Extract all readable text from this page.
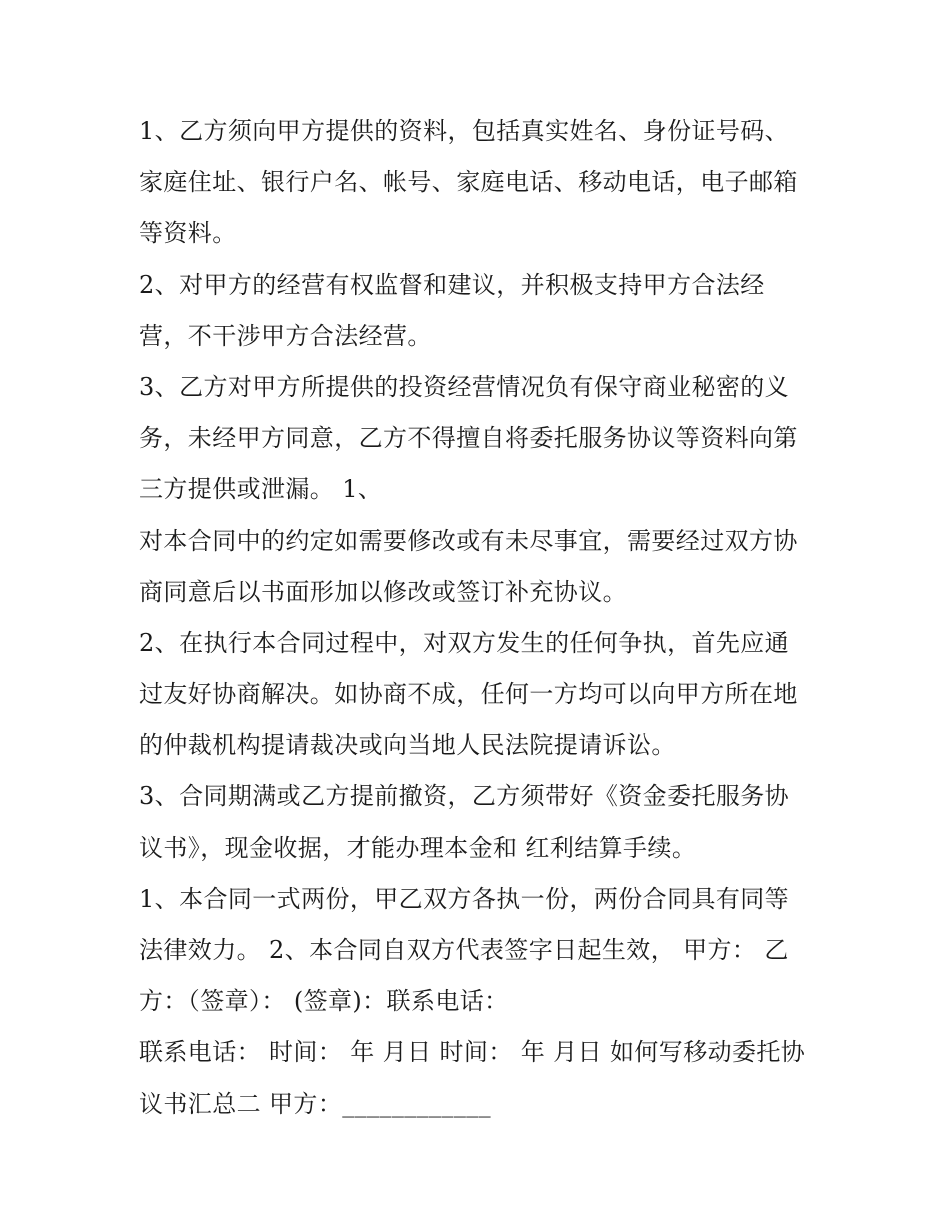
1、乙方须向甲方提供的资料，包括真实姓名、身份证号码、
家庭住址、银行户名、帐号、家庭电话、移动电话，电子邮箱
等资料。
2、对甲方的经营有权监督和建议，并积极支持甲方合法经
营，不干涉甲方合法经营。
3、乙方对甲方所提供的投资经营情况负有保守商业秘密的义
务，未经甲方同意，乙方不得擅自将委托服务协议等资料向第
三方提供或泄漏。 1、
对本合同中的约定如需要修改或有未尽事宜，需要经过双方协
商同意后以书面形加以修改或签订补充协议。
2、在执行本合同过程中，对双方发生的任何争执，首先应通
过友好协商解决。如协商不成，任何一方均可以向甲方所在地
的仲裁机构提请裁决或向当地人民法院提请诉讼。
3、合同期满或乙方提前撤资，乙方须带好《资金委托服务协
议书》，现金收据，才能办理本金和 红利结算手续。
1、本合同一式两份，甲乙双方各执一份，两份合同具有同等
法律效力。 2、本合同自双方代表签字日起生效， 甲方： 乙
方：（签章）： (签章)：联系电话：
联系电话： 时间： 年 月日 时间： 年 月日 如何写移动委托协
议书汇总二 甲方：____________
